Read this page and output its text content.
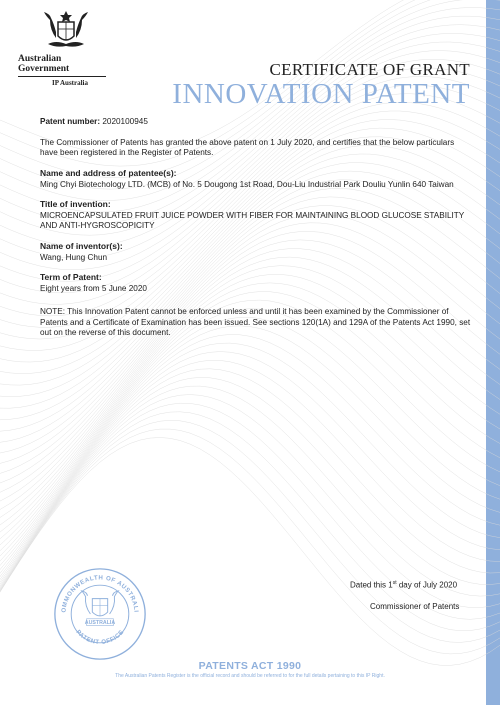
Australian Government
IP Australia
CERTIFICATE OF GRANT
INNOVATION PATENT

Patent number: 2020100945

The Commissioner of Patents has granted the above patent on 1 July 2020, and certifies that the below particulars have been registered in the Register of Patents.

Name and address of patentee(s):

Ming Chyi Biotechology LTD. (MCB) of No. 5 Dougong 1st Road, Dou-Liu Industrial Park Douliu Yunlin 640 Taiwan

Title of invention:

MICROENCAPSULATED FRUIT JUICE POWDER WITH FIBER FOR MAINTAINING BLOOD GLUCOSE STABILITY AND ANTI-HYGROSCOPICITY

Name of inventor(s):

Wang, Hung Chun

Term of Patent:

Eight years from 5 June 2020

NOTE: This Innovation Patent cannot be enforced unless and until it has been examined by the Commissioner of Patents and a Certificate of Examination has been issued. See sections 120(1A) and 129A of the Patents Act 1990, set out on the reverse of this document.

OMMONWEALTH OF AUSTRALI
PATENT OFFICE
AUSTRALIA
Dated this 1st day of July 2020
Commissioner of Patents
PATENTS ACT 1990
The Australian Patents Register is the official record and should be referred to for the full details pertaining to this IP Right.
